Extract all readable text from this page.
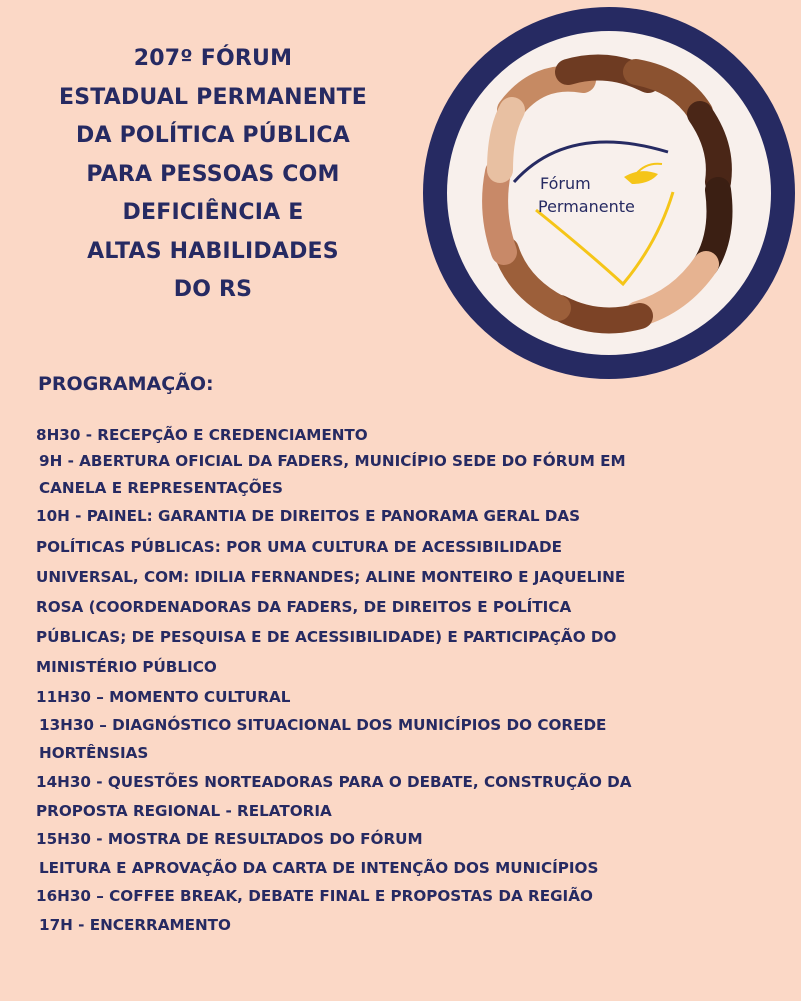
207º FÓRUM
ESTADUAL PERMANENTE
DA POLÍTICA PÚBLICA
PARA PESSOAS COM
DEFICIÊNCIA E
ALTAS HABILIDADES
DO RS
Fórum
Permanente
PROGRAMAÇÃO:
8H30 - RECEPÇÃO E CREDENCIAMENTO
9H - ABERTURA OFICIAL DA FADERS, MUNICÍPIO SEDE DO FÓRUM EM
CANELA E REPRESENTAÇÕES
10H - PAINEL: GARANTIA DE DIREITOS E PANORAMA GERAL DAS
POLÍTICAS PÚBLICAS: POR UMA CULTURA DE ACESSIBILIDADE
UNIVERSAL, COM: IDILIA FERNANDES; ALINE MONTEIRO E JAQUELINE
ROSA (COORDENADORAS DA FADERS, DE DIREITOS E POLÍTICA
PÚBLICAS; DE PESQUISA E DE ACESSIBILIDADE) E PARTICIPAÇÃO DO
MINISTÉRIO PÚBLICO
11H30 – MOMENTO CULTURAL
13H30 – DIAGNÓSTICO SITUACIONAL DOS MUNICÍPIOS DO COREDE
HORTÊNSIAS
14H30 - QUESTÕES NORTEADORAS PARA O DEBATE, CONSTRUÇÃO DA
PROPOSTA REGIONAL - RELATORIA
15H30 - MOSTRA DE RESULTADOS DO FÓRUM
LEITURA E APROVAÇÃO DA CARTA DE INTENÇÃO DOS MUNICÍPIOS
16H30 – COFFEE BREAK, DEBATE FINAL E PROPOSTAS DA REGIÃO
17H - ENCERRAMENTO
